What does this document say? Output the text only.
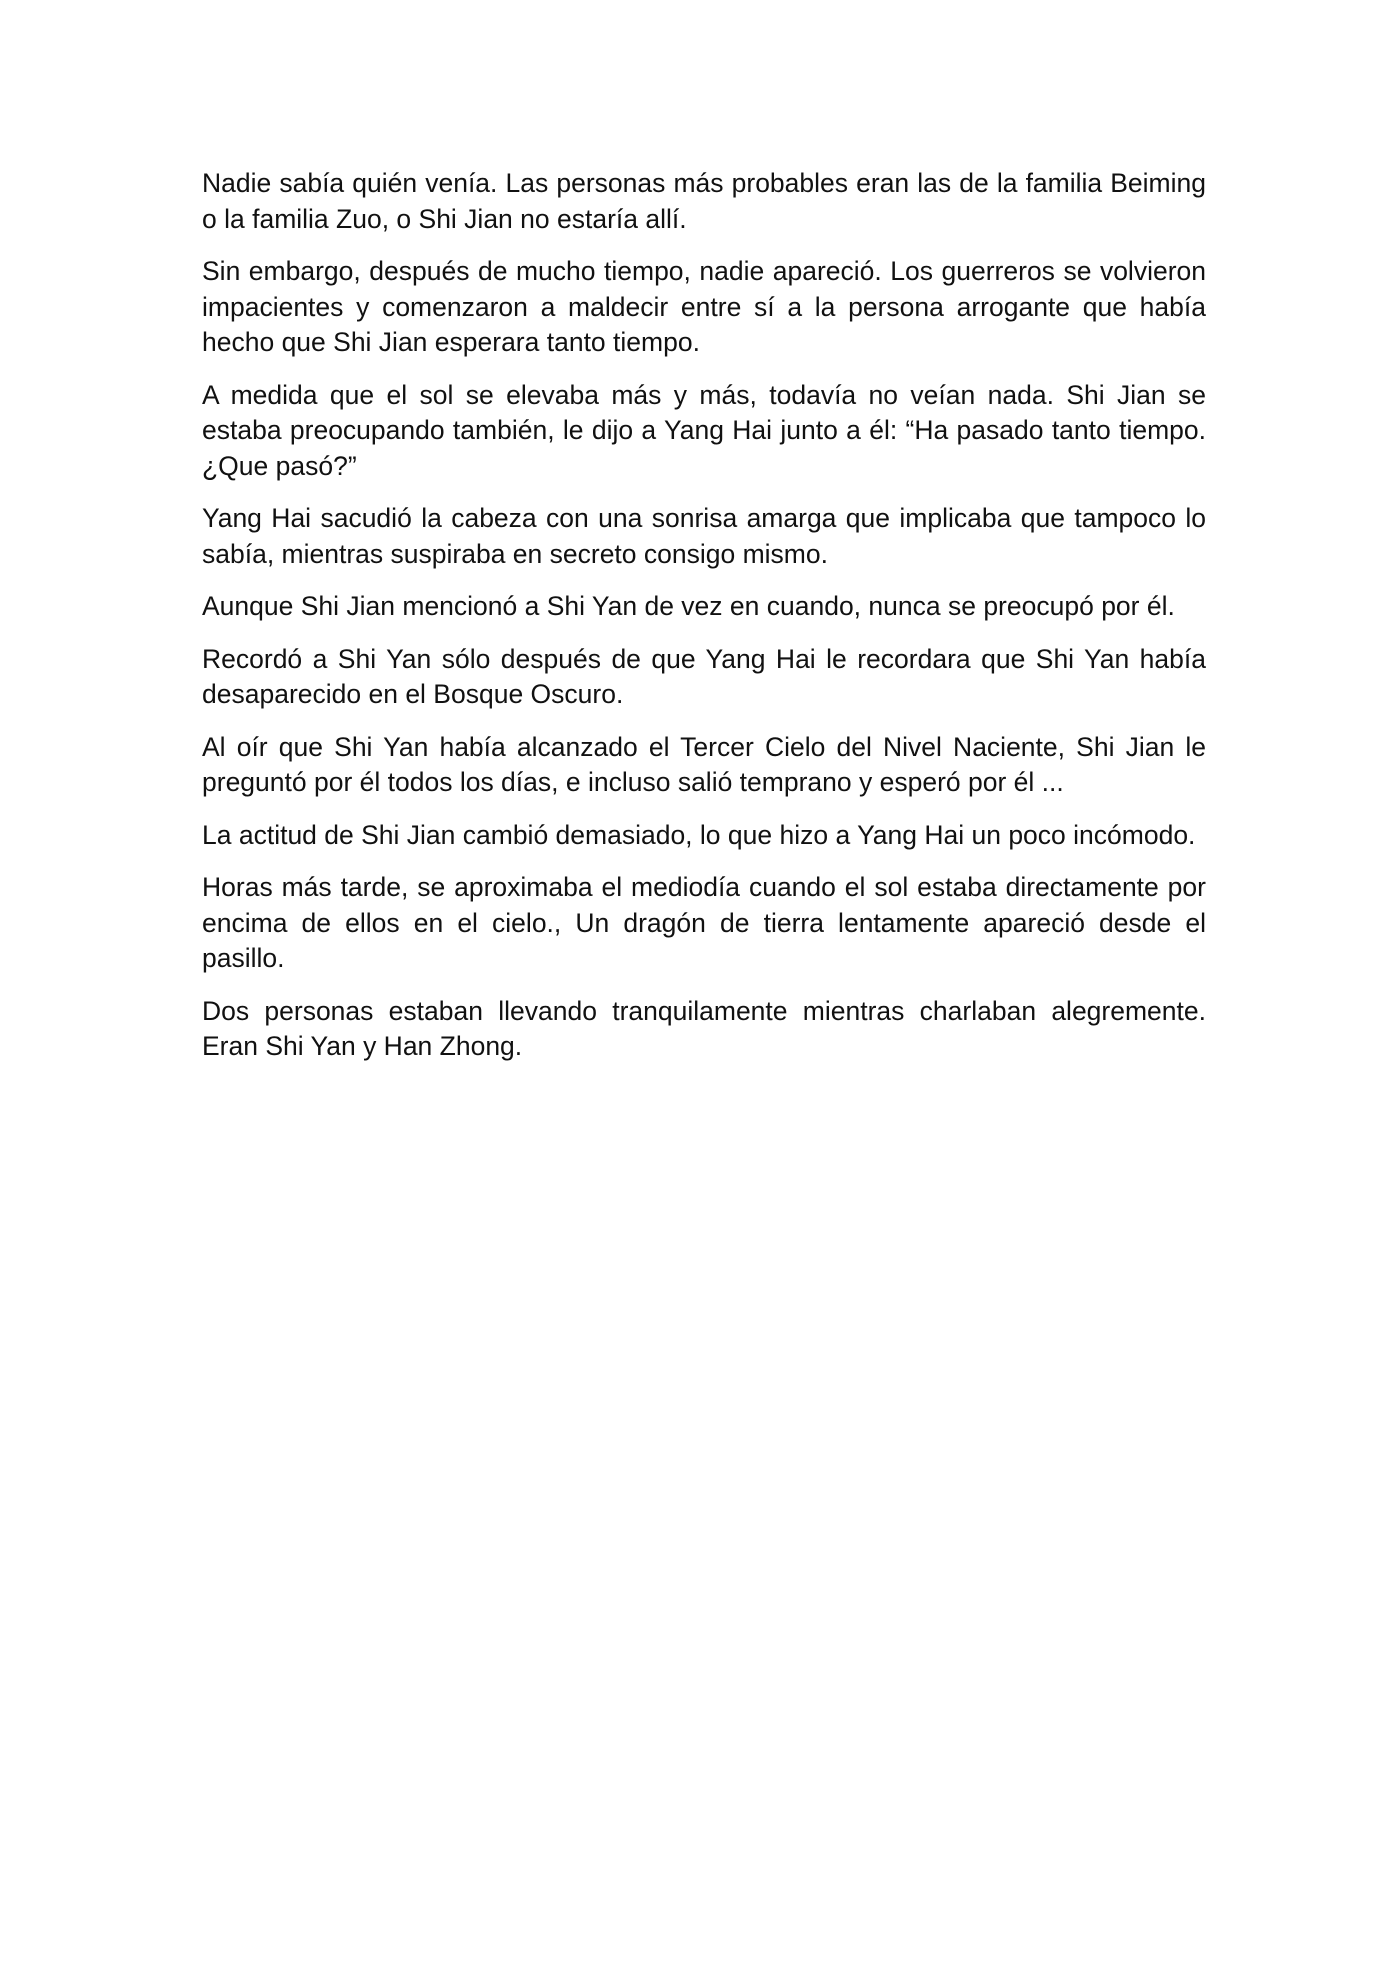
Nadie sabía quién venía. Las personas más probables eran las de la familia Beiming o la familia Zuo, o Shi Jian no estaría allí.

Sin embargo, después de mucho tiempo, nadie apareció. Los guerreros se volvieron impacientes y comenzaron a maldecir entre sí a la persona arrogante que había hecho que Shi Jian esperara tanto tiempo.

A medida que el sol se elevaba más y más, todavía no veían nada. Shi Jian se estaba preocupando también, le dijo a Yang Hai junto a él: “Ha pasado tanto tiempo. ¿Que pasó?”

Yang Hai sacudió la cabeza con una sonrisa amarga que implicaba que tampoco lo sabía, mientras suspiraba en secreto consigo mismo.

Aunque Shi Jian mencionó a Shi Yan de vez en cuando, nunca se preocupó por él.

Recordó a Shi Yan sólo después de que Yang Hai le recordara que Shi Yan había desaparecido en el Bosque Oscuro.

Al oír que Shi Yan había alcanzado el Tercer Cielo del Nivel Naciente, Shi Jian le preguntó por él todos los días, e incluso salió temprano y esperó por él ...

La actitud de Shi Jian cambió demasiado, lo que hizo a Yang Hai un poco incómodo.

Horas más tarde, se aproximaba el mediodía cuando el sol estaba directamente por encima de ellos en el cielo., Un dragón de tierra lentamente apareció desde el pasillo.

Dos personas estaban llevando tranquilamente mientras charlaban alegremente. Eran Shi Yan y Han Zhong.
